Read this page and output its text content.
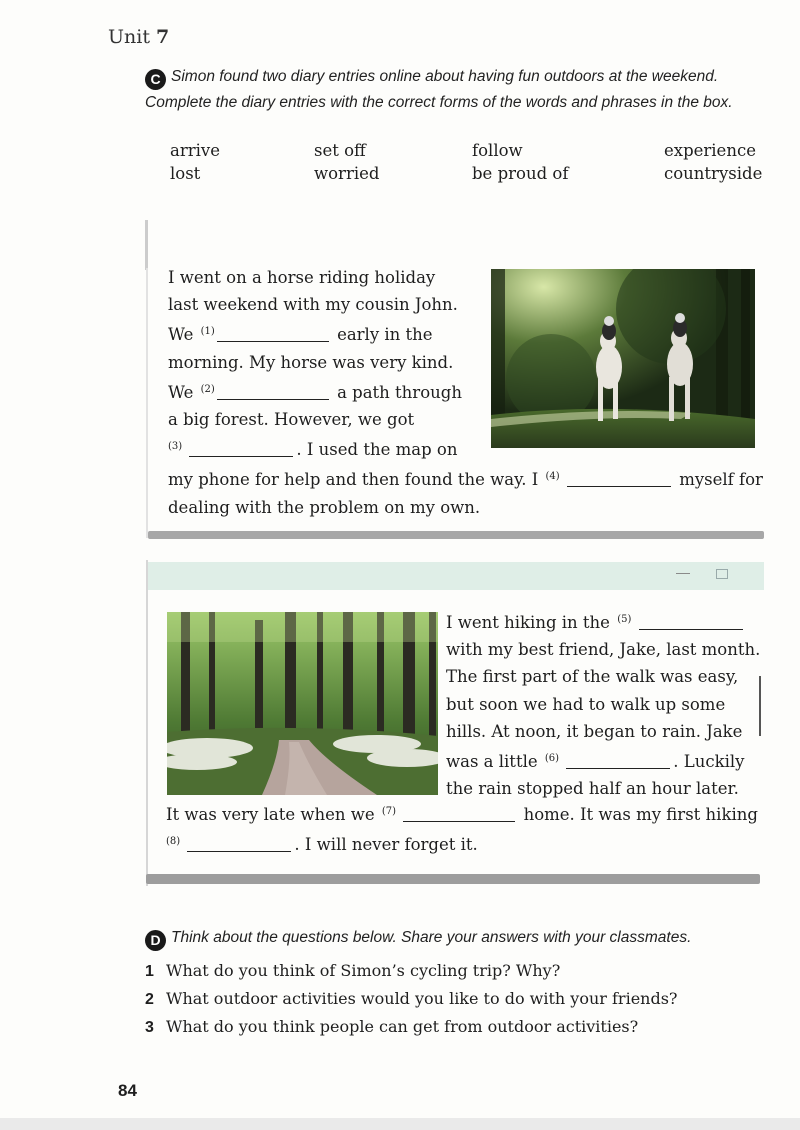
Unit 7
C Simon found two diary entries online about having fun outdoors at the weekend.
Complete the diary entries with the correct forms of the words and phrases in the box.
arrive	set off	follow	experience
lost	worried	be proud of	countryside
I went on a horse riding holiday
last weekend with my cousin John.
We $^{(1)}$	early in the
morning. My horse was very kind.
We $^{(2)}$	a path through
a big forest. However, we got
$^{(3)}$	. I used the map on
my phone for help and then found the way. I $^{(4)}$	myself for
dealing with the problem on my own.
I went hiking in the $^{(5)}$
with my best friend, Jake, last month.
The first part of the walk was easy,
but soon we had to walk up some
hills. At noon, it began to rain. Jake
was a little $^{(6)}$	. Luckily
the rain stopped half an hour later.
It was very late when we $^{(7)}$	home. It was my first hiking
$^{(8)}$	. I will never forget it.
D Think about the questions below. Share your answers with your classmates.
1 What do you think of Simon’s cycling trip? Why?
2 What outdoor activities would you like to do with your friends?
3 What do you think people can get from outdoor activities?
84
